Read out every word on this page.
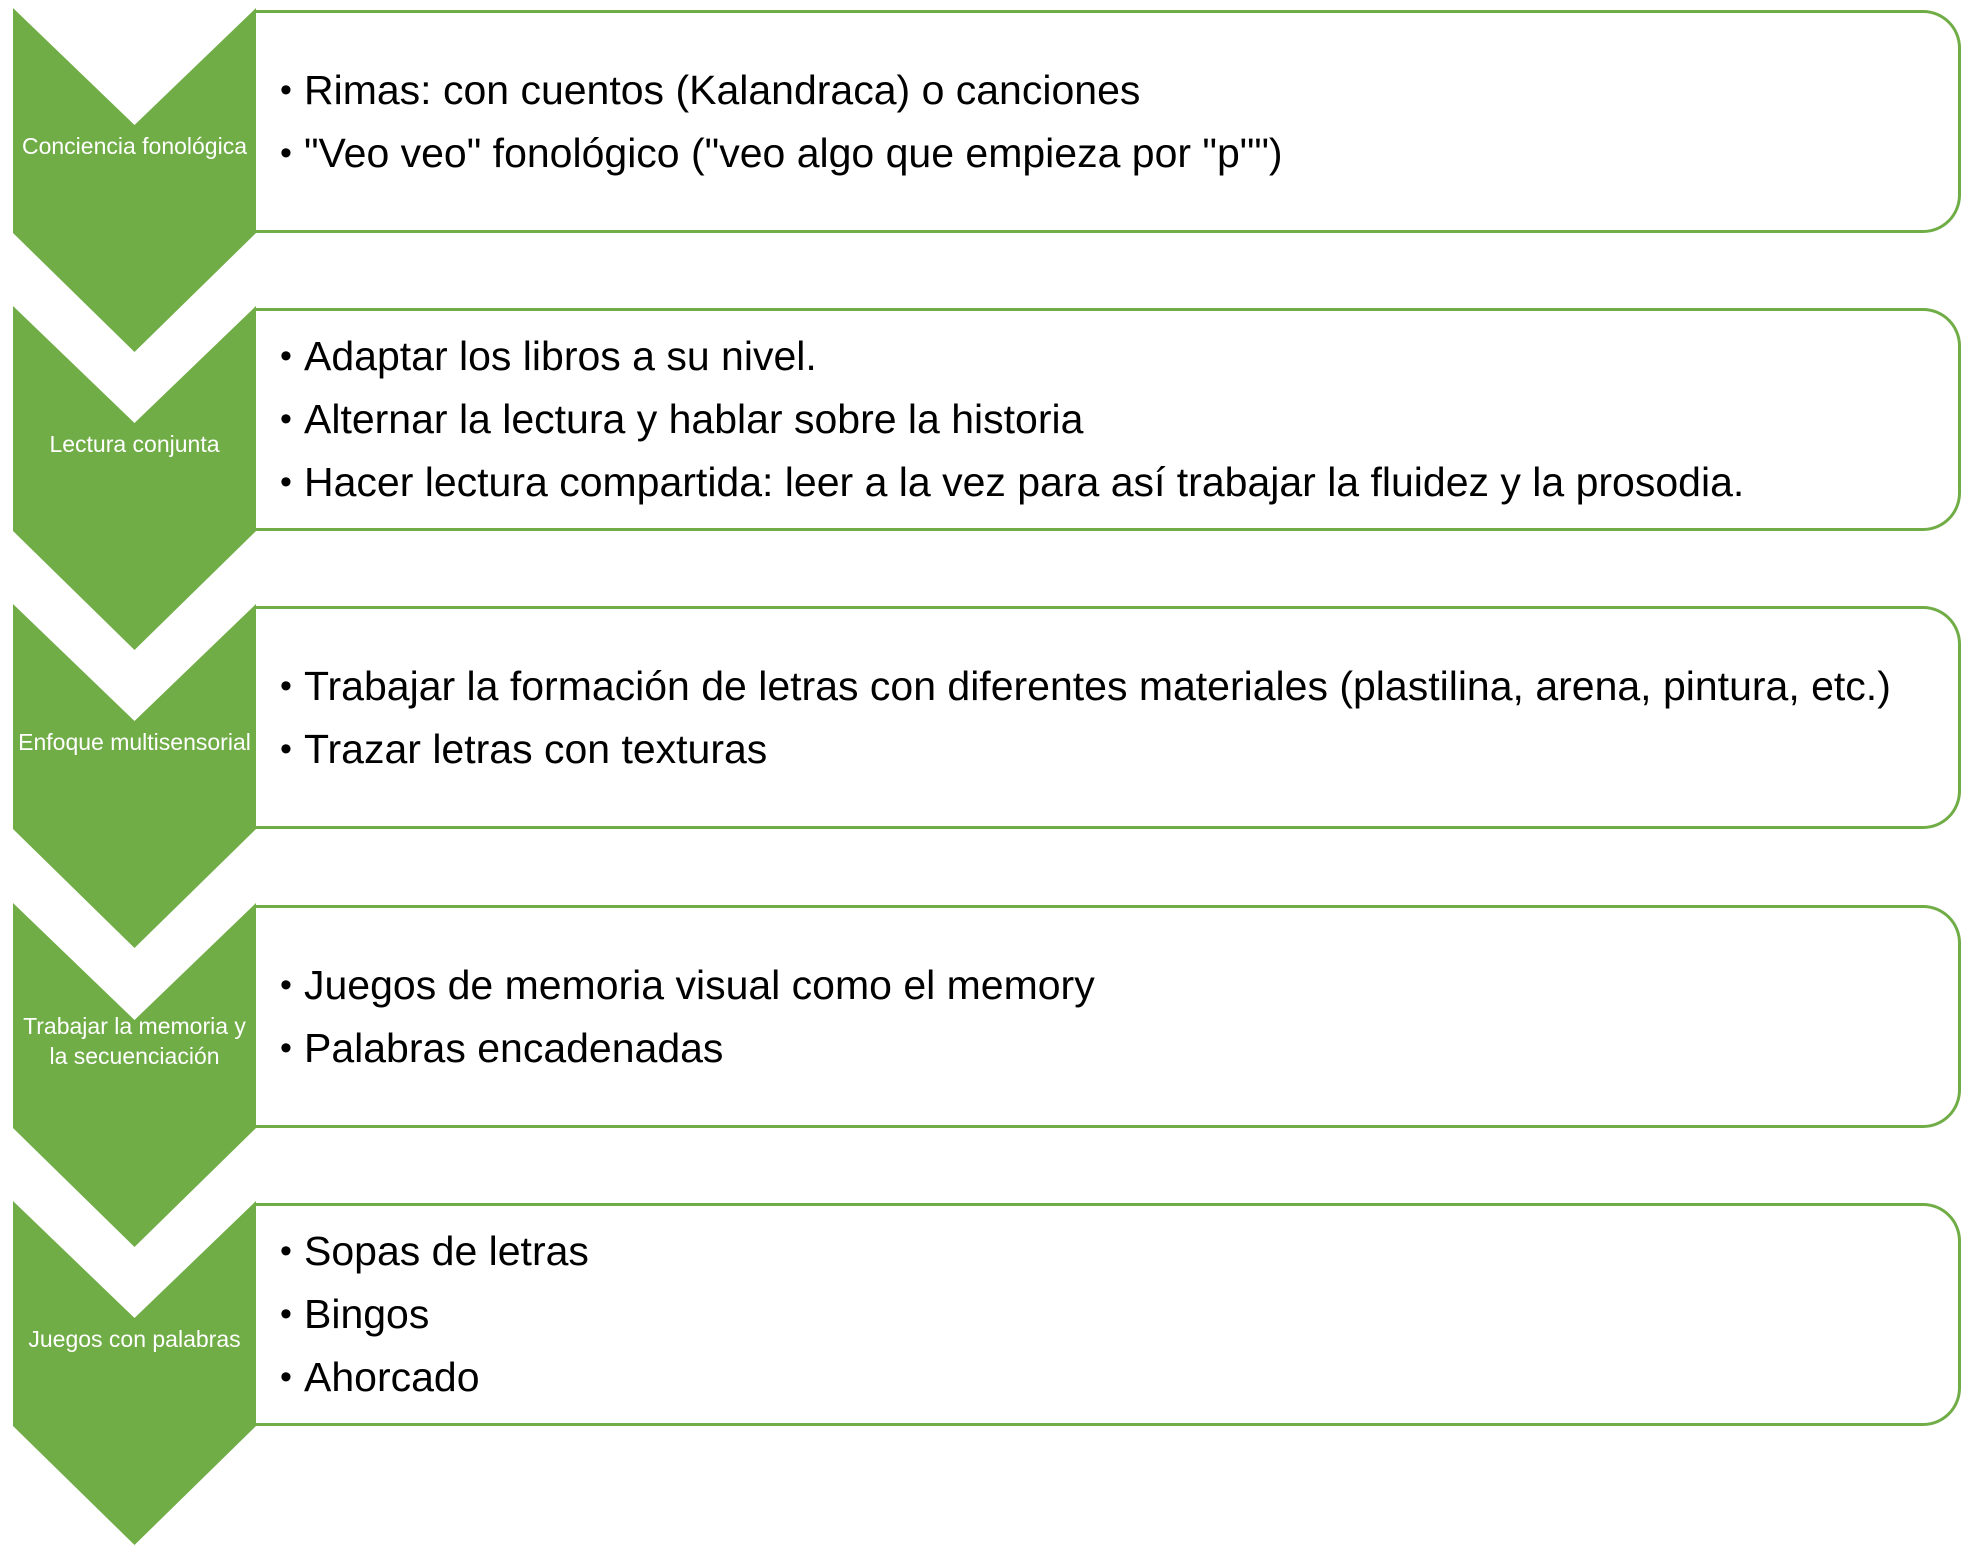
Conciencia fonológica
• Rimas: con cuentos (Kalandraca) o canciones
• "Veo veo" fonológico ("veo algo que empieza por "p"")
Lectura conjunta
• Adaptar los libros a su nivel.
• Alternar la lectura y hablar sobre la historia
• Hacer lectura compartida: leer a la vez para así trabajar la fluidez y la prosodia.
Enfoque multisensorial
• Trabajar la formación de letras con diferentes materiales (plastilina, arena, pintura, etc.)
• Trazar letras con texturas
Trabajar la memoria y la secuenciación
• Juegos de memoria visual como el memory
• Palabras encadenadas
Juegos con palabras
• Sopas de letras
• Bingos
• Ahorcado
